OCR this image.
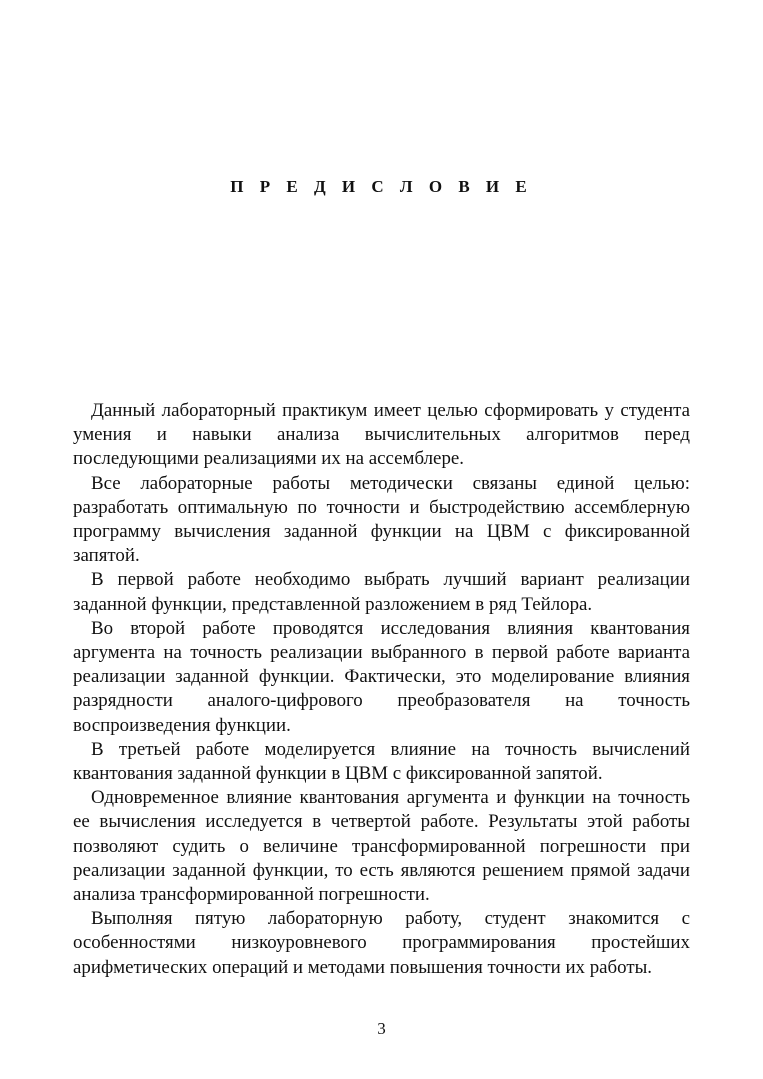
П Р Е Д И С Л О В И Е

Данный лабораторный практикум имеет целью сформировать у студента умения и навыки анализа вычислительных алгоритмов перед последующими реализациями их на ассемблере.

Все лабораторные работы методически связаны единой целью: разработать оптимальную по точности и быстродействию ассемблерную программу вычисления заданной функции на ЦВМ с фиксированной запятой.

В первой работе необходимо выбрать лучший вариант реализации заданной функции, представленной разложением в ряд Тейлора.

Во второй работе проводятся исследования влияния квантования аргумента на точность реализации выбранного в первой работе варианта реализации заданной функции. Фактически, это моделирование влияния разрядности аналого-цифрового преобразователя на точность воспроизведения функции.

В третьей работе моделируется влияние на точность вычислений квантования заданной функции в ЦВМ с фиксированной запятой.

Одновременное влияние квантования аргумента и функции на точность ее вычисления исследуется в четвертой работе. Результаты этой работы позволяют судить о величине трансформированной погрешности при реализации заданной функции, то есть являются решением прямой задачи анализа трансформированной погрешности.

Выполняя пятую лабораторную работу, студент знакомится с особенностями низкоуровневого программирования простейших арифметических операций и методами повышения точности их работы.

3
